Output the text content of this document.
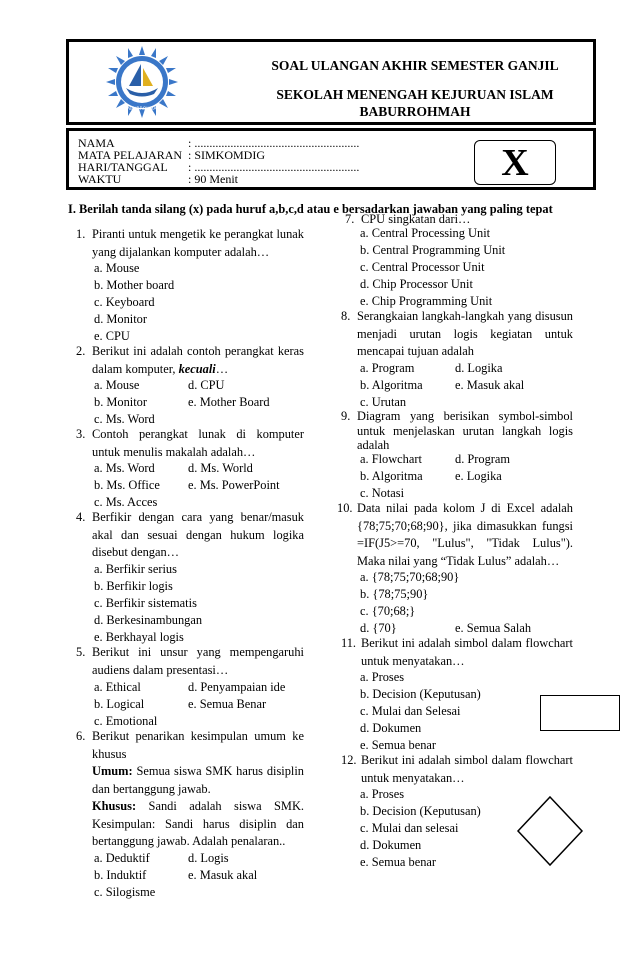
BABURROHMAH
SOAL ULANGAN AKHIR SEMESTER GANJIL
SEKOLAH MENENGAH KEJURUAN ISLAM
BABURROHMAH
NAMA	: .......................................................
MATA PELAJARAN : SIMKOMDIG
HARI/TANGGAL : .......................................................
WAKTU	: 90 Menit	X
I. Berilah tanda silang (x) pada huruf a,b,c,d atau e bersadarkan jawaban yang paling tepat
1. Piranti untuk mengetik ke perangkat lunak yang dijalankan komputer adalah…
a. Mouse
b. Mother board
c. Keyboard
d. Monitor
e. CPU
2. Berikut ini adalah contoh perangkat keras dalam komputer, kecuali…
a. Mouse	d. CPU
b. Monitor	e. Mother Board
c. Ms. Word
3. Contoh perangkat lunak di komputer untuk menulis makalah adalah…
a. Ms. Word	d. Ms. World
b. Ms. Office e. Ms. PowerPoint
c. Ms. Acces
4. Berfikir dengan cara yang benar/masuk akal dan sesuai dengan hukum logika disebut dengan…
a. Berfikir serius
b. Berfikir logis
c. Berfikir sistematis
d. Berkesinambungan
e. Berkhayal logis
5. Berikut ini unsur yang mempengaruhi audiens dalam presentasi…
a. Ethical	d. Penyampaian ide
b. Logical	e. Semua Benar
c. Emotional
6. Berikut penarikan kesimpulan umum ke khusus
Umum: Semua siswa SMK harus disiplin dan bertanggung jawab.
Khusus: Sandi adalah siswa SMK. Kesimpulan: Sandi harus disiplin dan bertanggung jawab. Adalah penalaran..
a. Deduktif	d. Logis
b. Induktif	e. Masuk akal
c. Silogisme
7. CPU singkatan dari…
a. Central Processing Unit
b. Central Programming Unit
c. Central Processor Unit
d. Chip Processor Unit
e. Chip Programming Unit
8. Serangkaian langkah-langkah yang disusun menjadi urutan logis kegiatan untuk mencapai tujuan adalah
a. Program	d. Logika
b. Algoritma	e. Masuk akal
c. Urutan
9. Diagram yang berisikan symbol-simbol untuk menjelaskan urutan langkah logis adalah
a. Flowchart	d. Program
b. Algoritma	e. Logika
c. Notasi
10. Data nilai pada kolom J di Excel adalah {78;75;70;68;90}, jika dimasukkan fungsi =IF(J5>=70, "Lulus", "Tidak Lulus"). Maka nilai yang “Tidak Lulus” adalah…
a. {78;75;70;68;90}
b. {78;75;90}
c. {70;68;}
d. {70}	e. Semua Salah
11. Berikut ini adalah simbol dalam flowchart untuk menyatakan…
a. Proses
b. Decision (Keputusan)
c. Mulai dan Selesai
d. Dokumen
e. Semua benar
12. Berikut ini adalah simbol dalam flowchart untuk menyatakan…
a. Proses
b. Decision (Keputusan)
c. Mulai dan selesai
d. Dokumen
e. Semua benar
